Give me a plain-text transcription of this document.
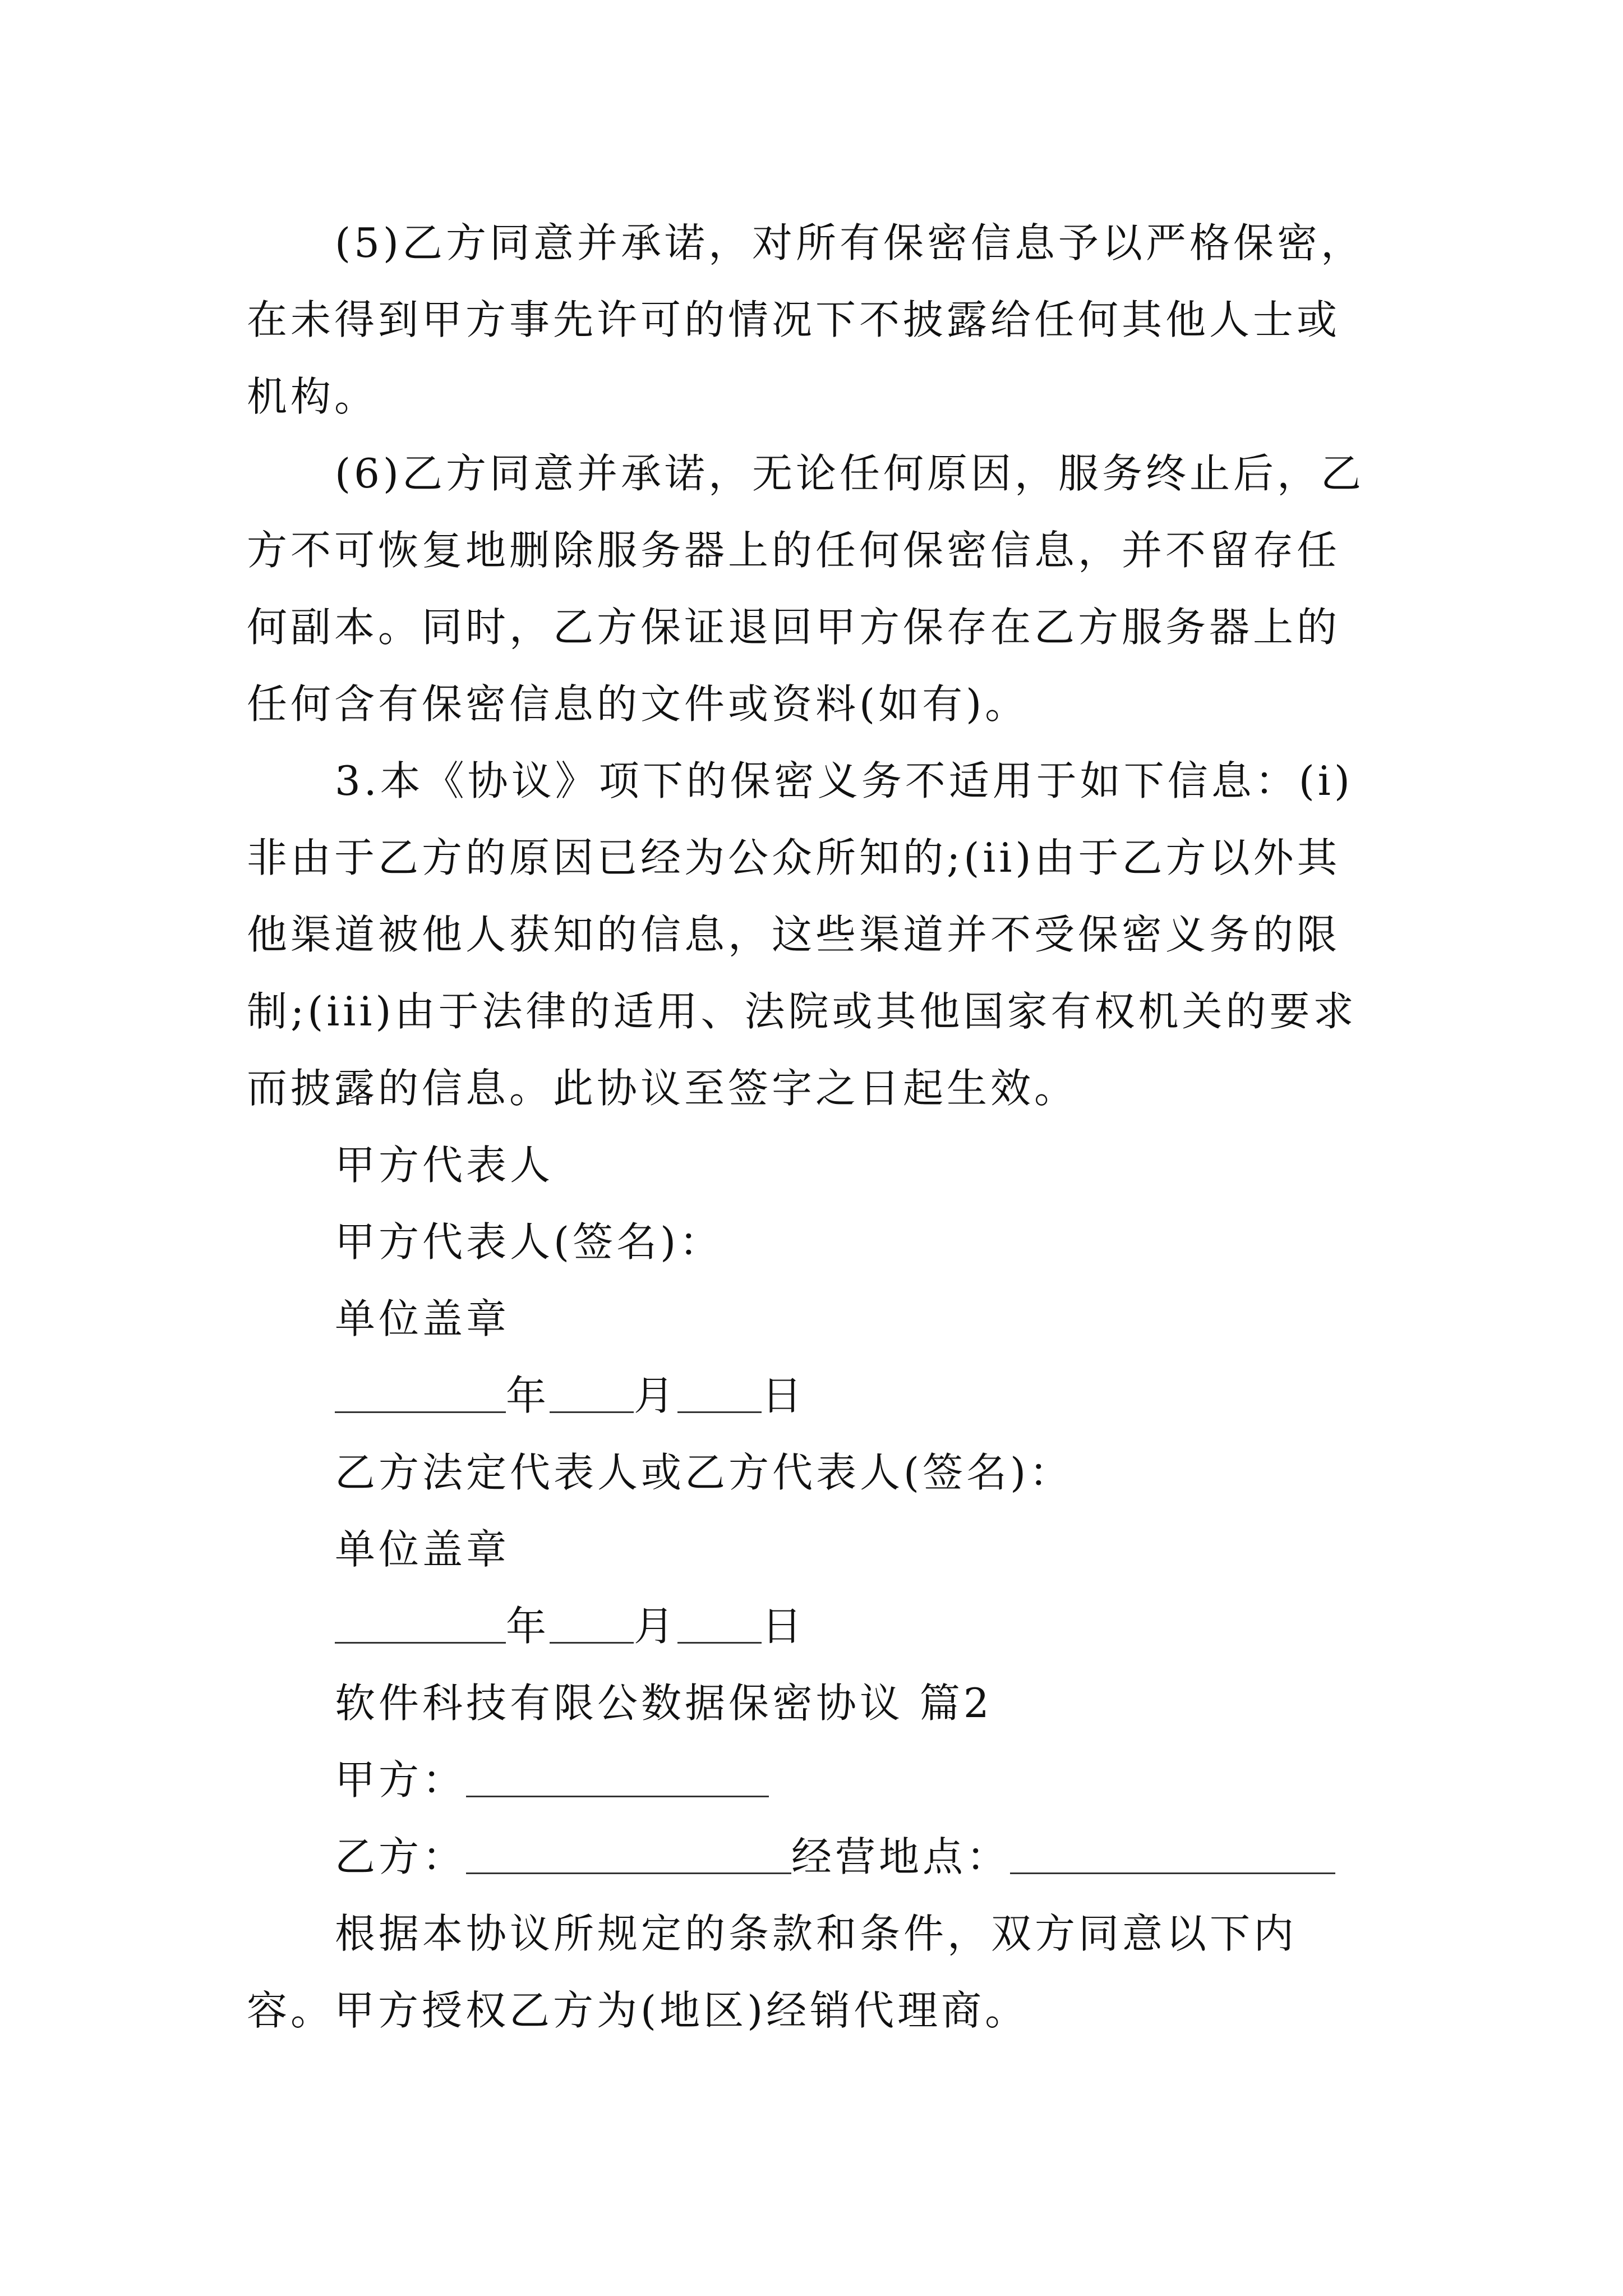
(5)乙方同意并承诺，对所有保密信息予以严格保密，在未得到甲方事先许可的情况下不披露给任何其他人士或机构。

(6)乙方同意并承诺，无论任何原因，服务终止后，乙方不可恢复地删除服务器上的任何保密信息，并不留存任何副本。同时，乙方保证退回甲方保存在乙方服务器上的任何含有保密信息的文件或资料(如有)。

3.本《协议》项下的保密义务不适用于如下信息：(i)非由于乙方的原因已经为公众所知的;(ii)由于乙方以外其他渠道被他人获知的信息，这些渠道并不受保密义务的限制;(iii)由于法律的适用、法院或其他国家有权机关的要求而披露的信息。此协议至签字之日起生效。

甲方代表人

甲方代表人(签名)：

单位盖章

年 月 日

乙方法定代表人或乙方代表人(签名)：

单位盖章

年 月 日

软件科技有限公数据保密协议 篇2

甲方：

乙方：	经营地点：

根据本协议所规定的条款和条件，双方同意以下内容。甲方授权乙方为(地区)经销代理商。
